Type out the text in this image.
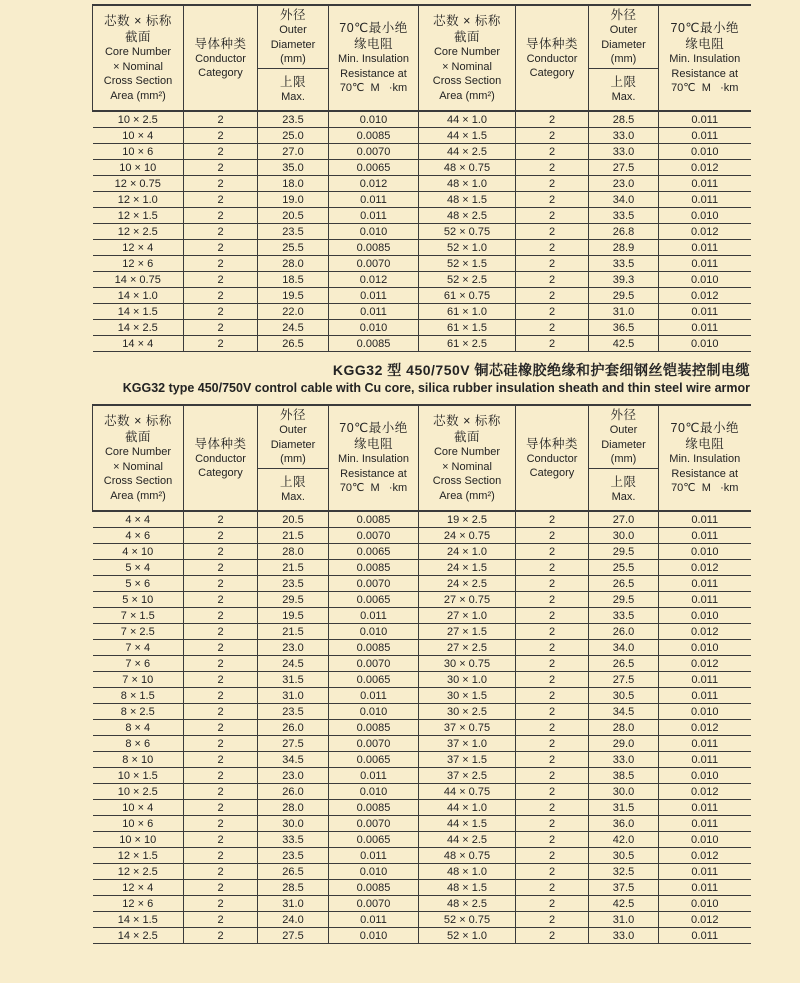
芯数 × 标称
截面
Core Number
× Nominal
Cross Section
Area (mm²)

导体种类
Conductor
Category

外径
Outer
Diameter
(mm)
上限
Max.

70℃最小绝
缘电阻
Min. Insulation
Resistance at
70℃  M   ·km

芯数 × 标称
截面
Core Number
× Nominal
Cross Section
Area (mm²)

导体种类
Conductor
Category

外径
Outer
Diameter
(mm)
上限
Max.

70℃最小绝
缘电阻
Min. Insulation
Resistance at
70℃  M   ·km

10 × 2.5	2	23.5	0.010	44 × 1.0	2	28.5	0.011
10 × 4	2	25.0	0.0085	44 × 1.5	2	33.0	0.011
10 × 6	2	27.0	0.0070	44 × 2.5	2	33.0	0.010
10 × 10	2	35.0	0.0065	48 × 0.75	2	27.5	0.012
12 × 0.75	2	18.0	0.012	48 × 1.0	2	23.0	0.011
12 × 1.0	2	19.0	0.011	48 × 1.5	2	34.0	0.011
12 × 1.5	2	20.5	0.011	48 × 2.5	2	33.5	0.010
12 × 2.5	2	23.5	0.010	52 × 0.75	2	26.8	0.012
12 × 4	2	25.5	0.0085	52 × 1.0	2	28.9	0.011
12 × 6	2	28.0	0.0070	52 × 1.5	2	33.5	0.011
14 × 0.75	2	18.5	0.012	52 × 2.5	2	39.3	0.010
14 × 1.0	2	19.5	0.011	61 × 0.75	2	29.5	0.012
14 × 1.5	2	22.0	0.011	61 × 1.0	2	31.0	0.011
14 × 2.5	2	24.5	0.010	61 × 1.5	2	36.5	0.011
14 × 4	2	26.5	0.0085	61 × 2.5	2	42.5	0.010
KGG32 型 450/750V 铜芯硅橡胶绝缘和护套细钢丝铠装控制电缆
KGG32 type 450/750V control cable with Cu core, silica rubber insulation sheath and thin steel wire armor
芯数 × 标称
截面
Core Number
× Nominal
Cross Section
Area (mm²)

导体种类
Conductor
Category

外径
Outer
Diameter
(mm)
上限
Max.

70℃最小绝
缘电阻
Min. Insulation
Resistance at
70℃  M   ·km

芯数 × 标称
截面
Core Number
× Nominal
Cross Section
Area (mm²)

导体种类
Conductor
Category

外径
Outer
Diameter
(mm)
上限
Max.

70℃最小绝
缘电阻
Min. Insulation
Resistance at
70℃  M   ·km

4 × 4	2	20.5	0.0085	19 × 2.5	2	27.0	0.011
4 × 6	2	21.5	0.0070	24 × 0.75	2	30.0	0.011
4 × 10	2	28.0	0.0065	24 × 1.0	2	29.5	0.010
5 × 4	2	21.5	0.0085	24 × 1.5	2	25.5	0.012
5 × 6	2	23.5	0.0070	24 × 2.5	2	26.5	0.011
5 × 10	2	29.5	0.0065	27 × 0.75	2	29.5	0.011
7 × 1.5	2	19.5	0.011	27 × 1.0	2	33.5	0.010
7 × 2.5	2	21.5	0.010	27 × 1.5	2	26.0	0.012
7 × 4	2	23.0	0.0085	27 × 2.5	2	34.0	0.010
7 × 6	2	24.5	0.0070	30 × 0.75	2	26.5	0.012
7 × 10	2	31.5	0.0065	30 × 1.0	2	27.5	0.011
8 × 1.5	2	31.0	0.011	30 × 1.5	2	30.5	0.011
8 × 2.5	2	23.5	0.010	30 × 2.5	2	34.5	0.010
8 × 4	2	26.0	0.0085	37 × 0.75	2	28.0	0.012
8 × 6	2	27.5	0.0070	37 × 1.0	2	29.0	0.011
8 × 10	2	34.5	0.0065	37 × 1.5	2	33.0	0.011
10 × 1.5	2	23.0	0.011	37 × 2.5	2	38.5	0.010
10 × 2.5	2	26.0	0.010	44 × 0.75	2	30.0	0.012
10 × 4	2	28.0	0.0085	44 × 1.0	2	31.5	0.011
10 × 6	2	30.0	0.0070	44 × 1.5	2	36.0	0.011
10 × 10	2	33.5	0.0065	44 × 2.5	2	42.0	0.010
12 × 1.5	2	23.5	0.011	48 × 0.75	2	30.5	0.012
12 × 2.5	2	26.5	0.010	48 × 1.0	2	32.5	0.011
12 × 4	2	28.5	0.0085	48 × 1.5	2	37.5	0.011
12 × 6	2	31.0	0.0070	48 × 2.5	2	42.5	0.010
14 × 1.5	2	24.0	0.011	52 × 0.75	2	31.0	0.012
14 × 2.5	2	27.5	0.010	52 × 1.0	2	33.0	0.011
